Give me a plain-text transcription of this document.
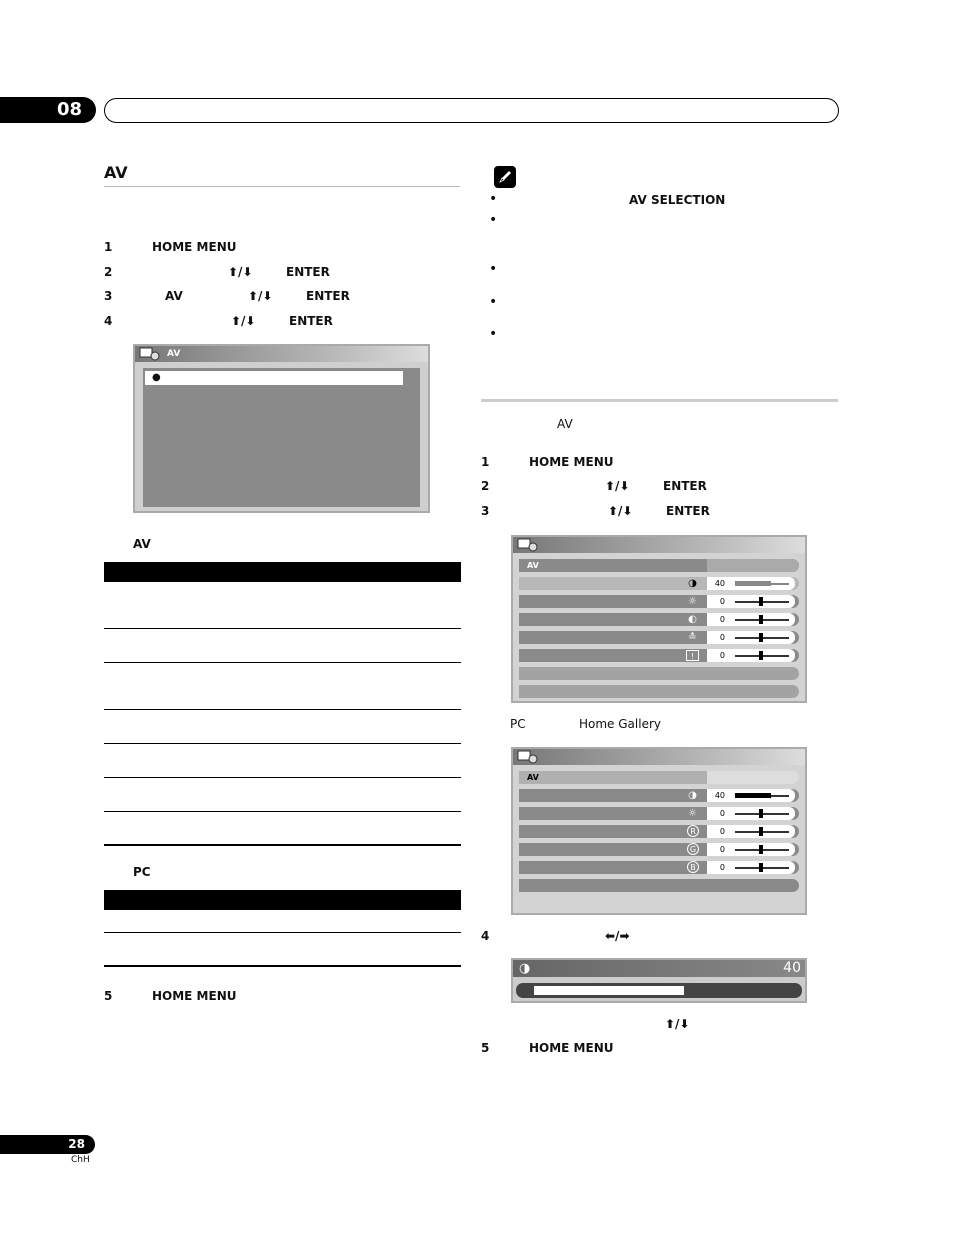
08
AV
1	HOME MENU
2	⬆/⬇	ENTER
3	AV	⬆/⬇	ENTER
4	⬆/⬇	ENTER
AV
●
AV
PC
5	HOME MENU
•	AV SELECTION
•
•
•
•
AV
1	HOME MENU
2	⬆/⬇	ENTER
3	⬆/⬇	ENTER
AV
◑	40
☼	0
◐	0
≛	0
!	0
PC	Home Gallery
AV
◑	40
☼	0
R	0
G	0
B	0
4	⬅/➡
◑	40
⬆/⬇
5	HOME MENU
28
ChH
